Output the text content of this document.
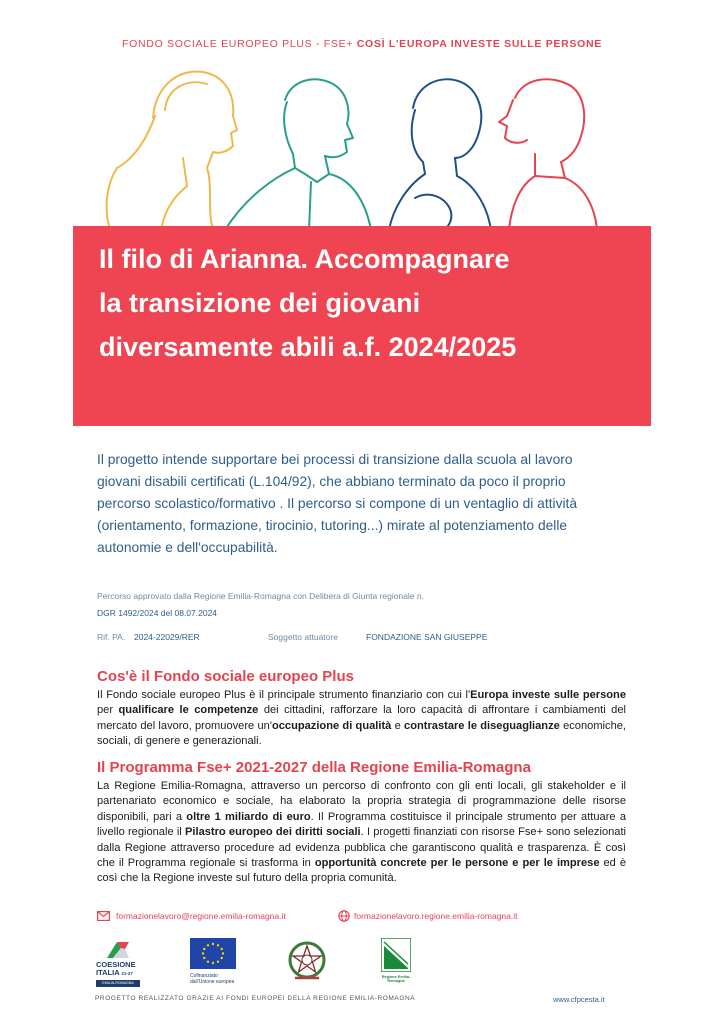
FONDO SOCIALE EUROPEO PLUS - FSE+ COSÌ L'EUROPA INVESTE SULLE PERSONE
Il filo di Arianna. Accompagnare
la transizione dei giovani
diversamente abili a.f. 2024/2025
Il progetto intende supportare bei processi di transizione dalla scuola al lavoro
giovani disabili certificati (L.104/92), che abbiano terminato da poco il proprio
percorso scolastico/formativo . Il percorso si compone di un ventaglio di attività
(orientamento, formazione, tirocinio, tutoring...) mirate al potenziamento delle
autonomie e dell'occupabilità.
Percorso approvato dalla Regione Emilia-Romagna con Delibera di Giunta regionale n.
DGR 1492/2024 del 08.07.2024
Rif. PA. 2024-22029/RER	Soggetto attuatore	FONDAZIONE SAN GIUSEPPE
Cos'è il Fondo sociale europeo Plus
Il Fondo sociale europeo Plus è il principale strumento finanziario con cui l'Europa investe sulle persone per qualificare le competenze dei cittadini, rafforzare la loro capacità di affrontare i cambiamenti del mercato del lavoro, promuovere un'occupazione di qualità e contrastare le diseguaglianze economiche, sociali, di genere e generazionali.
Il Programma Fse+ 2021-2027 della Regione Emilia-Romagna
La Regione Emilia-Romagna, attraverso un percorso di confronto con gli enti locali, gli stakeholder e il partenariato economico e sociale, ha elaborato la propria strategia di programmazione delle risorse disponibili, pari a oltre 1 miliardo di euro. Il Programma costituisce il principale strumento per attuare a livello regionale il Pilastro europeo dei diritti sociali. I progetti finanziati con risorse Fse+ sono selezionati dalla Regione attraverso procedure ad evidenza pubblica che garantiscono qualità e trasparenza. È così che il Programma regionale si trasforma in opportunità concrete per le persone e per le imprese ed è così che la Regione investe sul futuro della propria comunità.
formazionelavoro@regione.emilia-romagna.it	formazionelavoro.regione.emilia-romagna.it
COESIONE
ITALIA 21-27
EMILIA-ROMAGNA
Cofinanziato
dall'Unione europea
Regione Emilia-Romagna
PROGETTO REALIZZATO GRAZIE AI FONDI EUROPEI DELLA REGIONE EMILIA-ROMAGNA	www.cfpcesta.it
